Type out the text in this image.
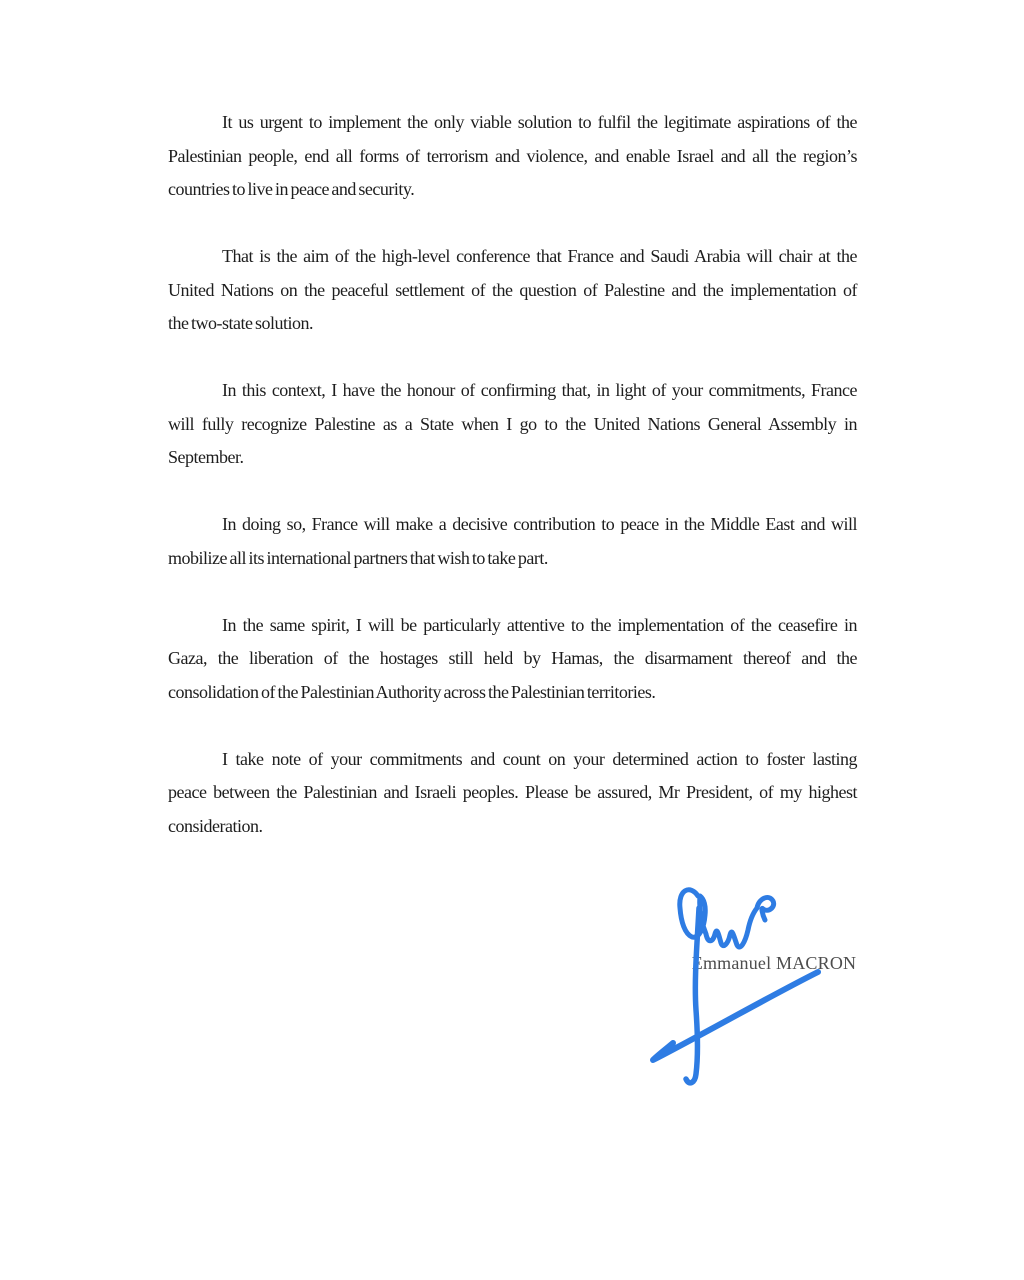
It us urgent to implement the only viable solution to fulfil the legitimate aspirations of the
Palestinian people, end all forms of terrorism and violence, and enable Israel and all the region’s
countries to live in peace and security.
That is the aim of the high-level conference that France and Saudi Arabia will chair at the
United Nations on the peaceful settlement of the question of Palestine and the implementation of
the two-state solution.
In this context, I have the honour of confirming that, in light of your commitments, France
will fully recognize Palestine as a State when I go to the United Nations General Assembly in
September.
In doing so, France will make a decisive contribution to peace in the Middle East and will
mobilize all its international partners that wish to take part.
In the same spirit, I will be particularly attentive to the implementation of the ceasefire in
Gaza, the liberation of the hostages still held by Hamas, the disarmament thereof and the
consolidation of the Palestinian Authority across the Palestinian territories.
I take note of your commitments and count on your determined action to foster lasting
peace between the Palestinian and Israeli peoples. Please be assured, Mr President, of my highest
consideration.
Emmanuel MACRON
